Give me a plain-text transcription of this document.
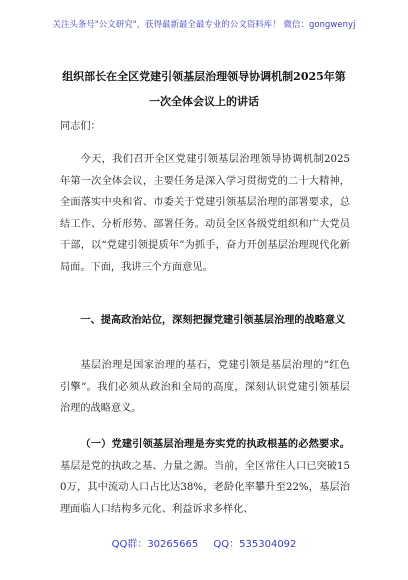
关注头条号"公文研究"，获得最新最全最专业的公文资料库！ 微信：gongwenyj
组织部长在全区党建引领基层治理领导协调机制2025年第一次全体会议上的讲话
同志们：
今天，我们召开全区党建引领基层治理领导协调机制2025年第一次全体会议，主要任务是深入学习贯彻党的二十大精神，全面落实中央和省、市委关于党建引领基层治理的部署要求，总结工作、分析形势、部署任务。动员全区各级党组织和广大党员干部，以“党建引领提质年”为抓手，奋力开创基层治理现代化新局面。下面，我讲三个方面意见。
一、提高政治站位，深刻把握党建引领基层治理的战略意义
基层治理是国家治理的基石，党建引领是基层治理的“红色引擎”。我们必须从政治和全局的高度，深刻认识党建引领基层治理的战略意义。
（一）党建引领基层治理是夯实党的执政根基的必然要求。基层是党的执政之基、力量之源。当前，全区常住人口已突破150万，其中流动人口占比达38%，老龄化率攀升至22%，基层治理面临人口结构多元化、利益诉求多样化、
QQ群：30265665 QQ：535304092
